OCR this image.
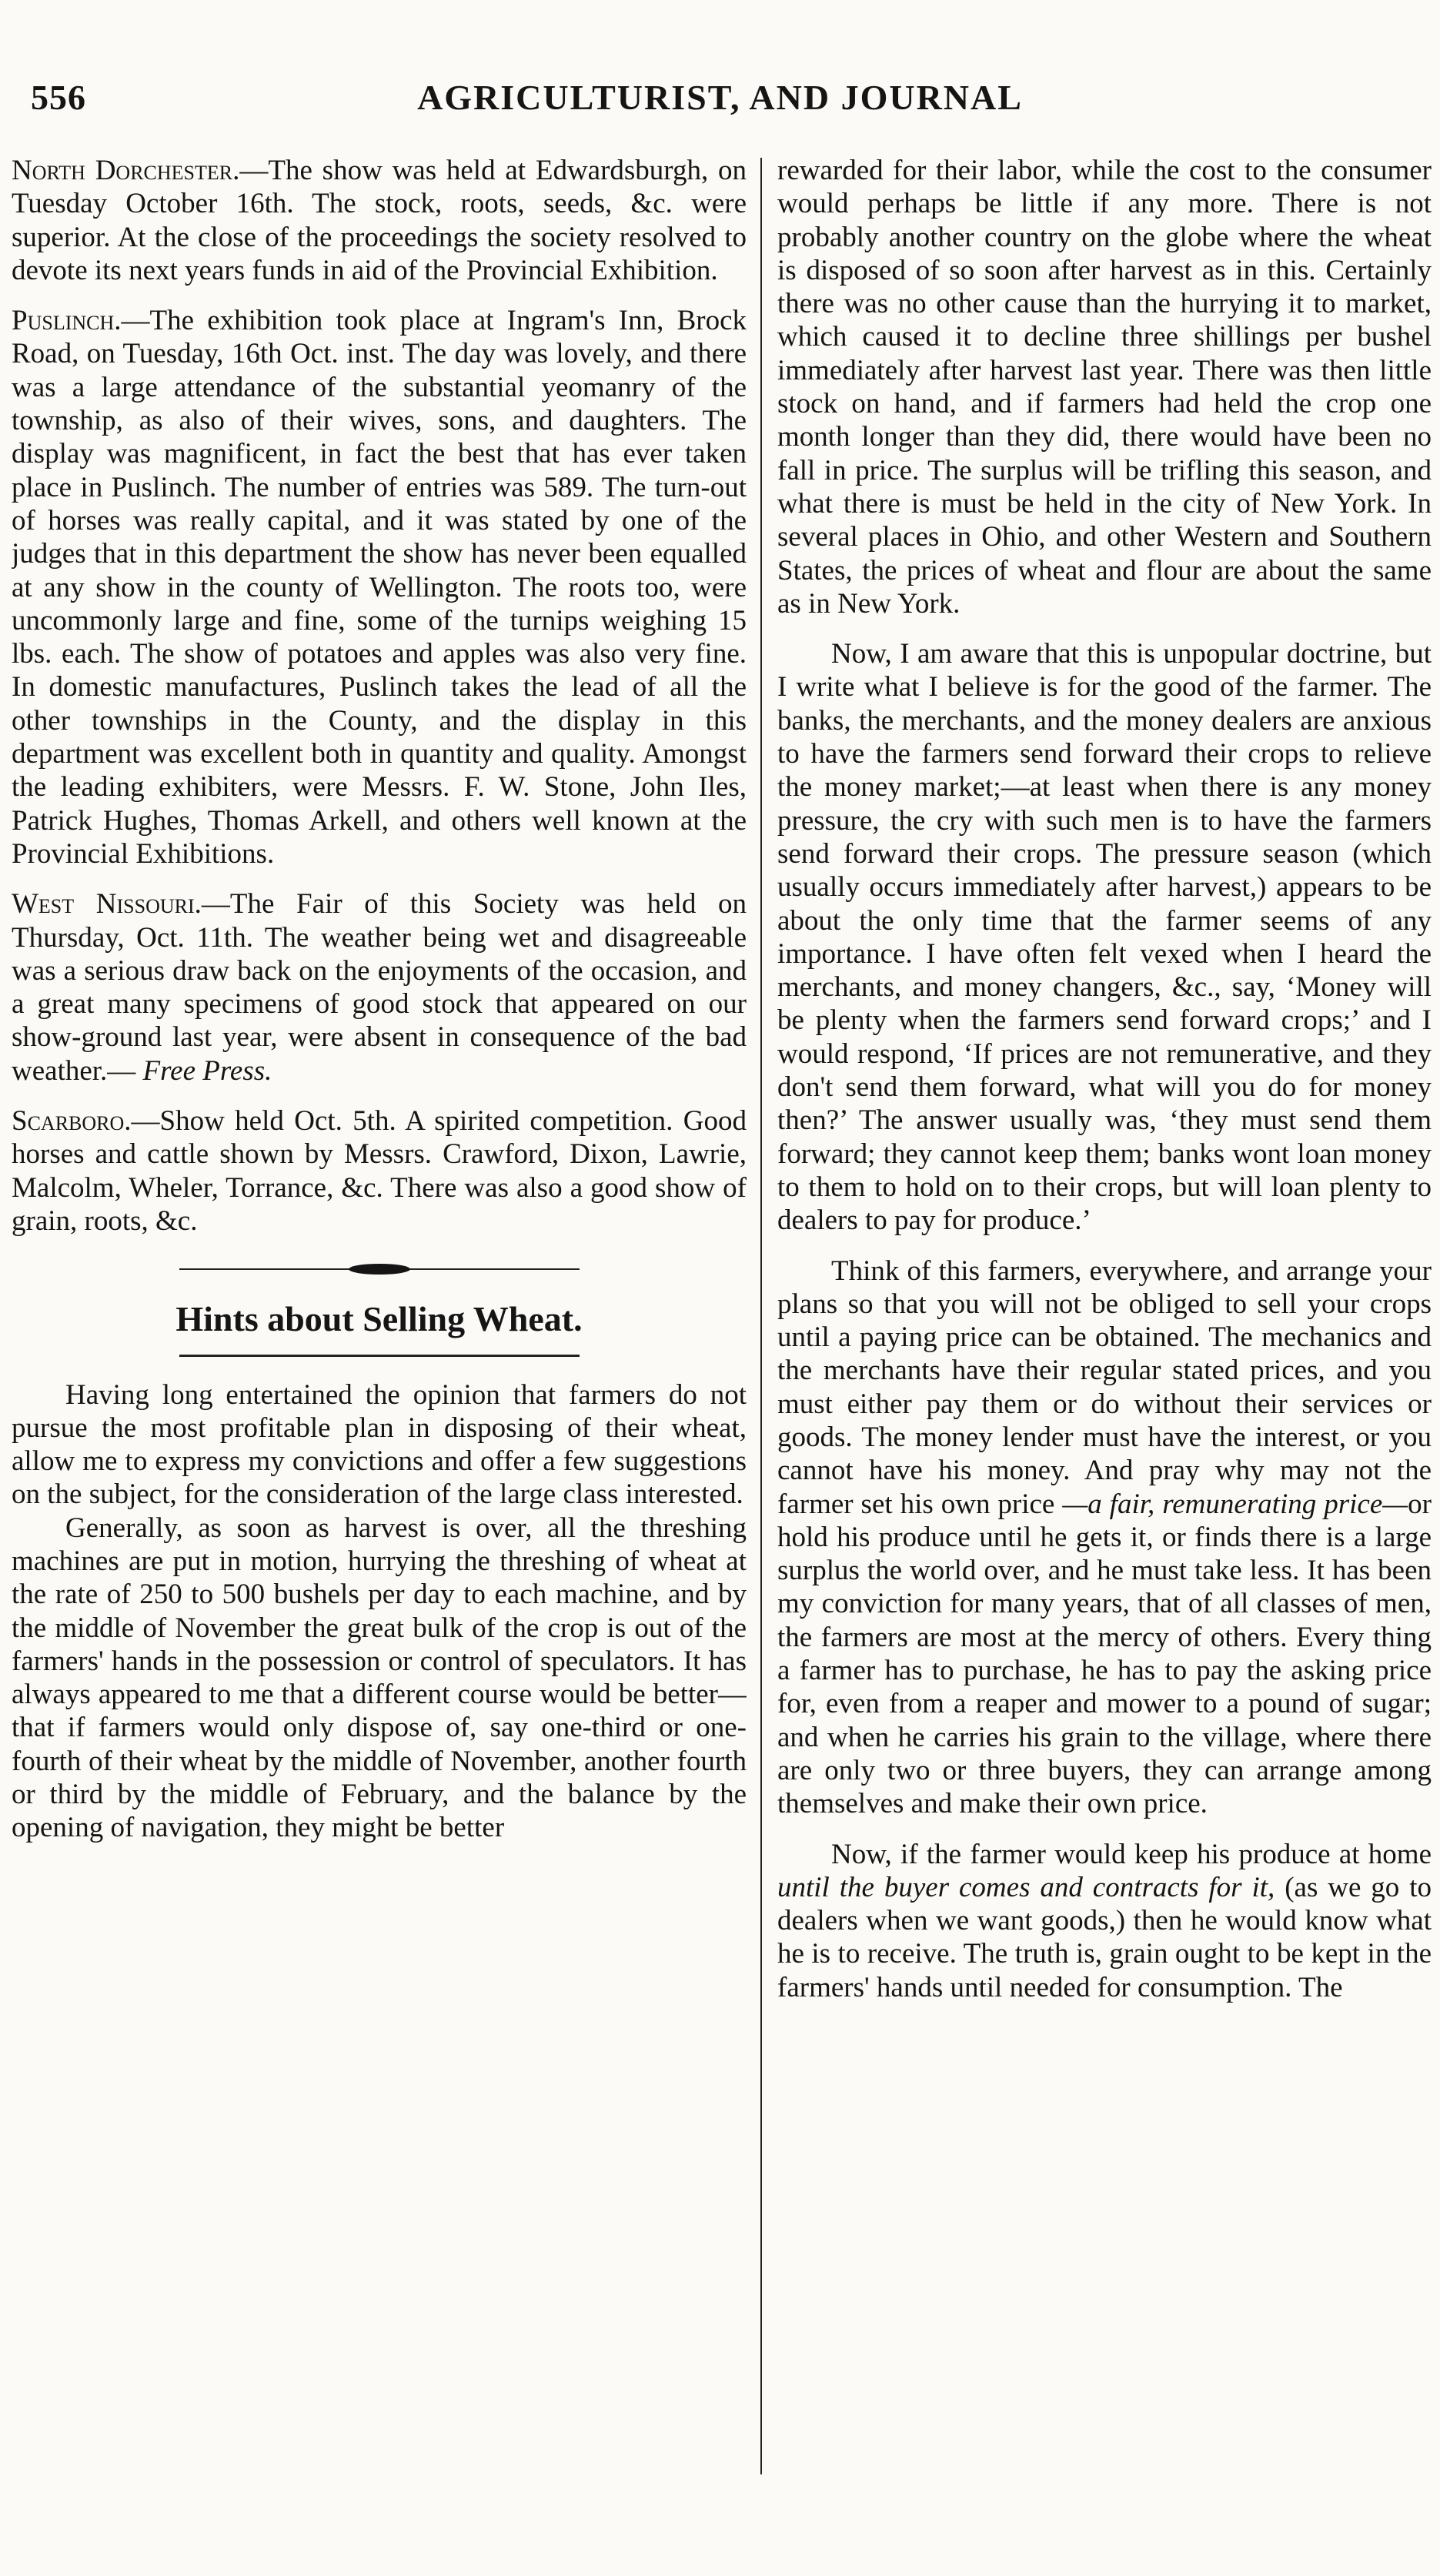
556	AGRICULTURIST, AND JOURNAL

North Dorchester.—The show was held at Edwardsburgh, on Tuesday October 16th. The stock, roots, seeds, &c. were superior. At the close of the proceedings the society resolved to devote its next years funds in aid of the Provincial Exhibition.

Puslinch.—The exhibition took place at Ingram's Inn, Brock Road, on Tuesday, 16th Oct. inst. The day was lovely, and there was a large attendance of the substantial yeomanry of the township, as also of their wives, sons, and daughters. The display was magnificent, in fact the best that has ever taken place in Puslinch. The number of entries was 589. The turn-out of horses was really capital, and it was stated by one of the judges that in this department the show has never been equalled at any show in the county of Wellington. The roots too, were uncommonly large and fine, some of the turnips weighing 15 lbs. each. The show of potatoes and apples was also very fine. In domestic manufactures, Puslinch takes the lead of all the other townships in the County, and the display in this department was excellent both in quantity and quality. Amongst the leading exhibiters, were Messrs. F. W. Stone, John Iles, Patrick Hughes, Thomas Arkell, and others well known at the Provincial Exhibitions.

West Nissouri.—The Fair of this Society was held on Thursday, Oct. 11th. The weather being wet and disagreeable was a serious draw back on the enjoyments of the occasion, and a great many specimens of good stock that appeared on our show-ground last year, were absent in consequence of the bad weather.— Free Press.

Scarboro.—Show held Oct. 5th. A spirited competition. Good horses and cattle shown by Messrs. Crawford, Dixon, Lawrie, Malcolm, Wheler, Torrance, &c. There was also a good show of grain, roots, &c.

Hints about Selling Wheat.

Having long entertained the opinion that farmers do not pursue the most profitable plan in disposing of their wheat, allow me to express my convictions and offer a few suggestions on the subject, for the consideration of the large class interested.

Generally, as soon as harvest is over, all the threshing machines are put in motion, hurrying the threshing of wheat at the rate of 250 to 500 bushels per day to each machine, and by the middle of November the great bulk of the crop is out of the farmers' hands in the possession or control of speculators. It has always appeared to me that a different course would be better—that if farmers would only dispose of, say one-third or one-fourth of their wheat by the middle of November, another fourth or third by the middle of February, and the balance by the opening of navigation, they might be better

rewarded for their labor, while the cost to the consumer would perhaps be little if any more. There is not probably another country on the globe where the wheat is disposed of so soon after harvest as in this. Certainly there was no other cause than the hurrying it to market, which caused it to decline three shillings per bushel immediately after harvest last year. There was then little stock on hand, and if farmers had held the crop one month longer than they did, there would have been no fall in price. The surplus will be trifling this season, and what there is must be held in the city of New York. In several places in Ohio, and other Western and Southern States, the prices of wheat and flour are about the same as in New York.

Now, I am aware that this is unpopular doctrine, but I write what I believe is for the good of the farmer. The banks, the merchants, and the money dealers are anxious to have the farmers send forward their crops to relieve the money market;—at least when there is any money pressure, the cry with such men is to have the farmers send forward their crops. The pressure season (which usually occurs immediately after harvest,) appears to be about the only time that the farmer seems of any importance. I have often felt vexed when I heard the merchants, and money changers, &c., say, ‘Money will be plenty when the farmers send forward crops;’ and I would respond, ‘If prices are not remunerative, and they don't send them forward, what will you do for money then?’ The answer usually was, ‘they must send them forward; they cannot keep them; banks wont loan money to them to hold on to their crops, but will loan plenty to dealers to pay for produce.’

Think of this farmers, everywhere, and arrange your plans so that you will not be obliged to sell your crops until a paying price can be obtained. The mechanics and the merchants have their regular stated prices, and you must either pay them or do without their services or goods. The money lender must have the interest, or you cannot have his money. And pray why may not the farmer set his own price —a fair, remunerating price—or hold his produce until he gets it, or finds there is a large surplus the world over, and he must take less. It has been my conviction for many years, that of all classes of men, the farmers are most at the mercy of others. Every thing a farmer has to purchase, he has to pay the asking price for, even from a reaper and mower to a pound of sugar; and when he carries his grain to the village, where there are only two or three buyers, they can arrange among themselves and make their own price.

Now, if the farmer would keep his produce at home until the buyer comes and contracts for it, (as we go to dealers when we want goods,) then he would know what he is to receive. The truth is, grain ought to be kept in the farmers' hands until needed for consumption. The
